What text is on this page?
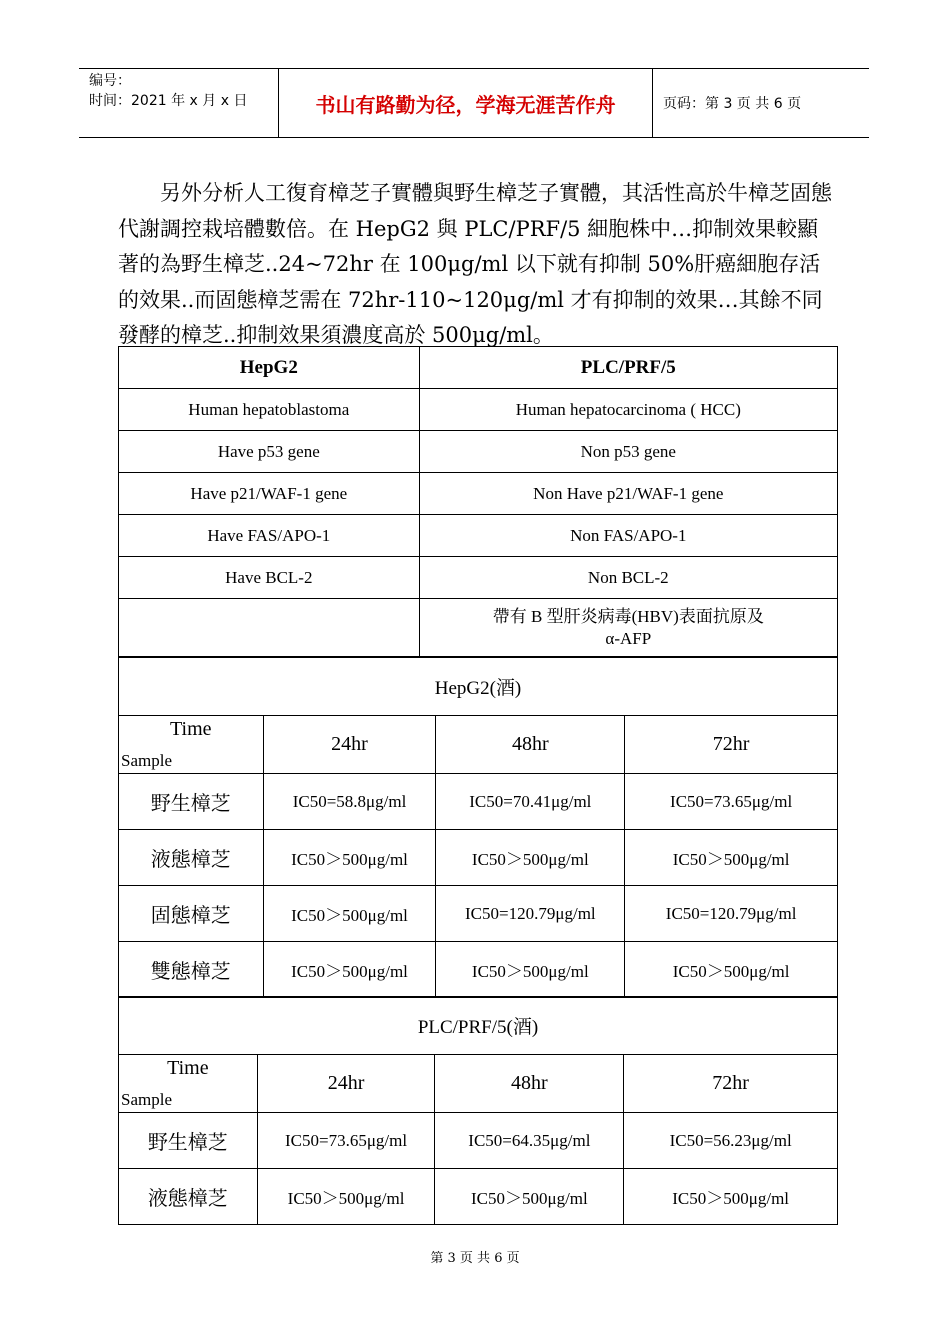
编号：
时间：2021 年 x 月 x 日	书山有路勤为径，学海无涯苦作舟	页码：第 3 页 共 6 页

另外分析人工復育樟芝子實體與野生樟芝子實體，其活性高於牛樟芝固態代謝調控栽培體數倍。在 HepG2 與 PLC/PRF/5 細胞株中…抑制效果較顯著的為野生樟芝..24~72hr 在 100μg/ml 以下就有抑制 50%肝癌細胞存活的效果..而固態樟芝需在 72hr-110~120μg/ml 才有抑制的效果…其餘不同發酵的樟芝..抑制效果須濃度高於 500μg/ml。

HepG2	PLC/PRF/5
Human hepatoblastoma	Human hepatocarcinoma ( HCC)
Have p53 gene	Non p53 gene
Have p21/WAF-1 gene	Non Have p21/WAF-1 gene
Have FAS/APO-1	Non FAS/APO-1
Have BCL-2	Non BCL-2

	帶有 B 型肝炎病毒(HBV)表面抗原及
α-AFP
HepG2(酒)			

Time
Sample	24hr	48hr	72hr
野生樟芝	IC50=58.8μg/ml	IC50=70.41μg/ml	IC50=73.65μg/ml
液態樟芝	IC50＞500μg/ml	IC50＞500μg/ml	IC50＞500μg/ml
固態樟芝	IC50＞500μg/ml	IC50=120.79μg/ml	IC50=120.79μg/ml
雙態樟芝	IC50＞500μg/ml	IC50＞500μg/ml	IC50＞500μg/ml
PLC/PRF/5(酒)			

Time
Sample	24hr	48hr	72hr
野生樟芝	IC50=73.65μg/ml	IC50=64.35μg/ml	IC50=56.23μg/ml
液態樟芝	IC50＞500μg/ml	IC50＞500μg/ml	IC50＞500μg/ml
第 3 页 共 6 页
